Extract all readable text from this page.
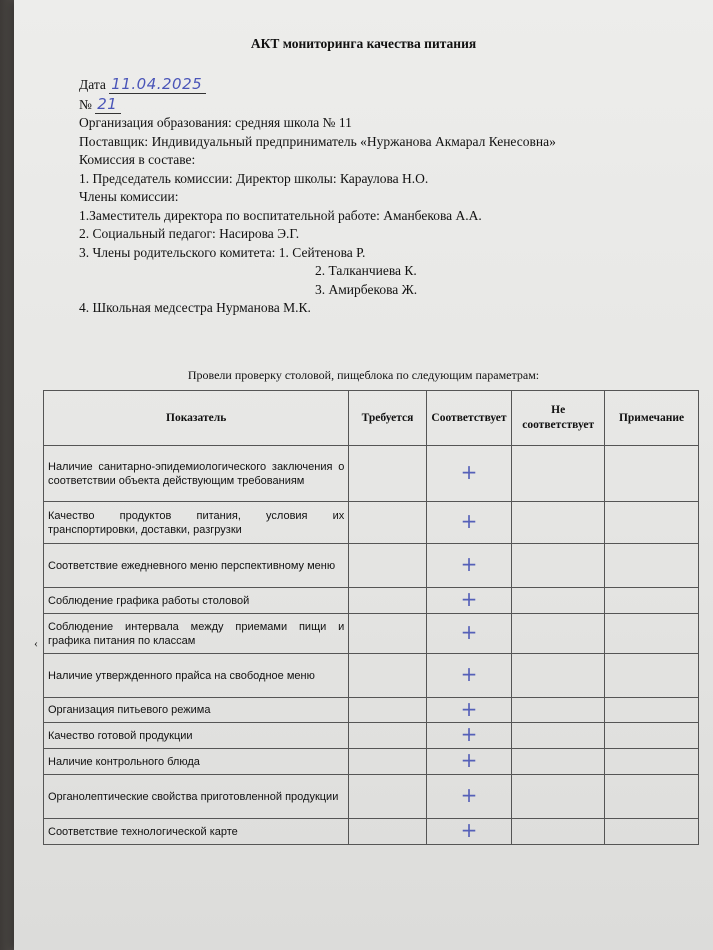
АКТ мониторинга качества питания
Дата 11.04.2025
№ 21
Организация образования: средняя школа № 11
Поставщик: Индивидуальный предприниматель «Нуржанова Акмарал Кенесовна»
Комиссия в составе:
1. Председатель комиссии: Директор школы: Караулова Н.О.
Члены комиссии:
1.Заместитель директора по воспитательной работе: Аманбекова А.А.
2. Социальный педагог: Насирова Э.Г.
3. Члены родительского комитета: 1. Сейтенова Р.
2. Талканчиева К.
3. Амирбекова Ж.
4. Школьная медсестра Нурманова М.К.
Провели проверку столовой, пищеблока по следующим параметрам:
Показатель	Требуется	Соответствует	Не соответствует	Примечание
Наличие санитарно-эпидемиологического заключения о соответствии объекта действующим требованиям		+		
Качество продуктов питания, условия их транспортировки, доставки, разгрузки		+		
Соответствие ежедневного меню перспективному меню		+		
Соблюдение графика работы столовой		+		
Соблюдение интервала между приемами пищи и графика питания по классам		+		
Наличие утвержденного прайса на свободное меню		+		
Организация питьевого режима		+		
Качество готовой продукции		+		
Наличие контрольного блюда		+		
Органолептические свойства приготовленной продукции		+		
Соответствие технологической карте		+		
‹
